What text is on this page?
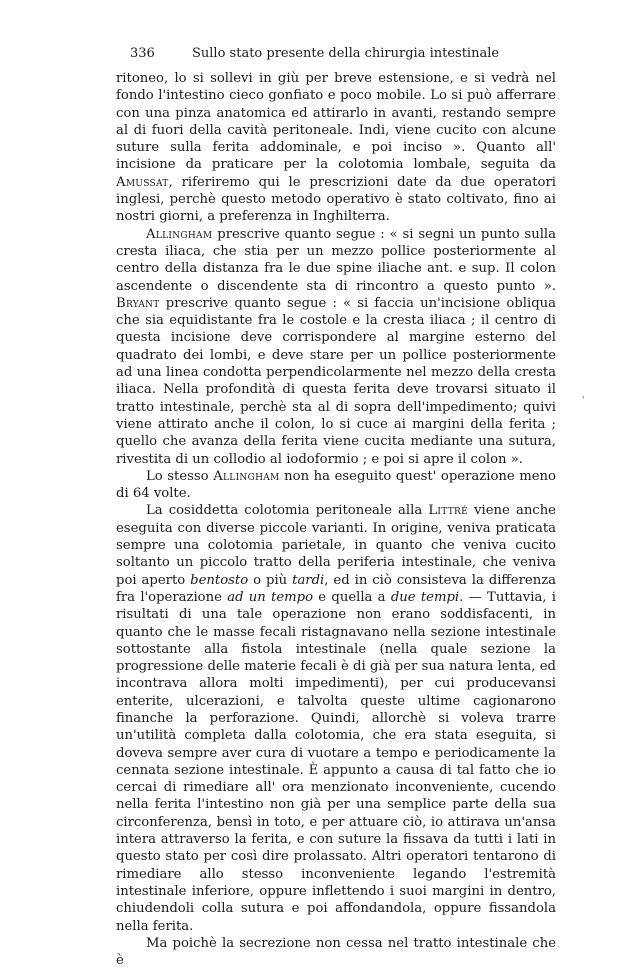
336	Sullo stato presente della chirurgia intestinale

ritoneo, lo si sollevi in giù per breve estensione, e si vedrà nel fondo l'intestino cieco gonfiato e poco mobile. Lo si può afferrare con una pinza anatomica ed attirarlo in avanti, restando sempre al di fuori della cavità peritoneale. Indi, viene cucito con alcune suture sulla ferita addominale, e poi inciso ». Quanto all' incisione da praticare per la colotomia lombale, seguita da Amussat, riferiremo qui le prescrizioni date da due operatori inglesi, perchè questo metodo operativo è stato coltivato, fino ai nostri giorni, a preferenza in Inghilterra.

Allingham prescrive quanto segue : « si segni un punto sulla cresta iliaca, che stia per un mezzo pollice posteriormente al centro della distanza fra le due spine iliache ant. e sup. Il colon ascendente o discendente sta di rincontro a questo punto ». Bryant prescrive quanto segue : « si faccia un'incisione obliqua che sia equidistante fra le costole e la cresta iliaca ; il centro di questa incisione deve corrispondere al margine esterno del quadrato dei lombi, e deve stare per un pollice posteriormente ad una linea condotta perpendicolarmente nel mezzo della cresta iliaca. Nella profondità di questa ferita deve trovarsi situato il tratto intestinale, perchè sta al di sopra dell'impedimento; quivi viene attirato anche il colon, lo si cuce ai margini della ferita ; quello che avanza della ferita viene cucita mediante una sutura, rivestita di un collodio al iodoformio ; e poi si apre il colon ».

Lo stesso Allingham non ha eseguito quest' operazione meno di 64 volte.

La cosiddetta colotomia peritoneale alla Littré viene anche eseguita con diverse piccole varianti. In origine, veniva praticata sempre una colotomia parietale, in quanto che veniva cucito soltanto un piccolo tratto della periferia intestinale, che veniva poi aperto bentosto o più tardi, ed in ciò consisteva la differenza fra l'operazione ad un tempo e quella a due tempi. — Tuttavia, i risultati di una tale operazione non erano soddisfacenti, in quanto che le masse fecali ristagnavano nella sezione intestinale sottostante alla fistola intestinale (nella quale sezione la progressione delle materie fecali è di già per sua natura lenta, ed incontrava allora molti impedimenti), per cui producevansi enterite, ulcerazioni, e talvolta queste ultime cagionarono finanche la perforazione. Quindi, allorchè si voleva trarre un'utilità completa dalla colotomia, che era stata eseguita, si doveva sempre aver cura di vuotare a tempo e periodicamente la cennata sezione intestinale. È appunto a causa di tal fatto che io cercai di rimediare all' ora menzionato inconveniente, cucendo nella ferita l'intestino non già per una semplice parte della sua circonferenza, bensì in toto, e per attuare ciò, io attirava un'ansa intera attraverso la ferita, e con suture la fissava da tutti i lati in questo stato per così dire prolassato. Altri operatori tentarono di rimediare allo stesso inconveniente legando l'estremità intestinale inferiore, oppure inflettendo i suoi margini in dentro, chiudendoli colla sutura e poi affondandola, oppure fissandola nella ferita.

Ma poichè la secrezione non cessa nel tratto intestinale che è

'
